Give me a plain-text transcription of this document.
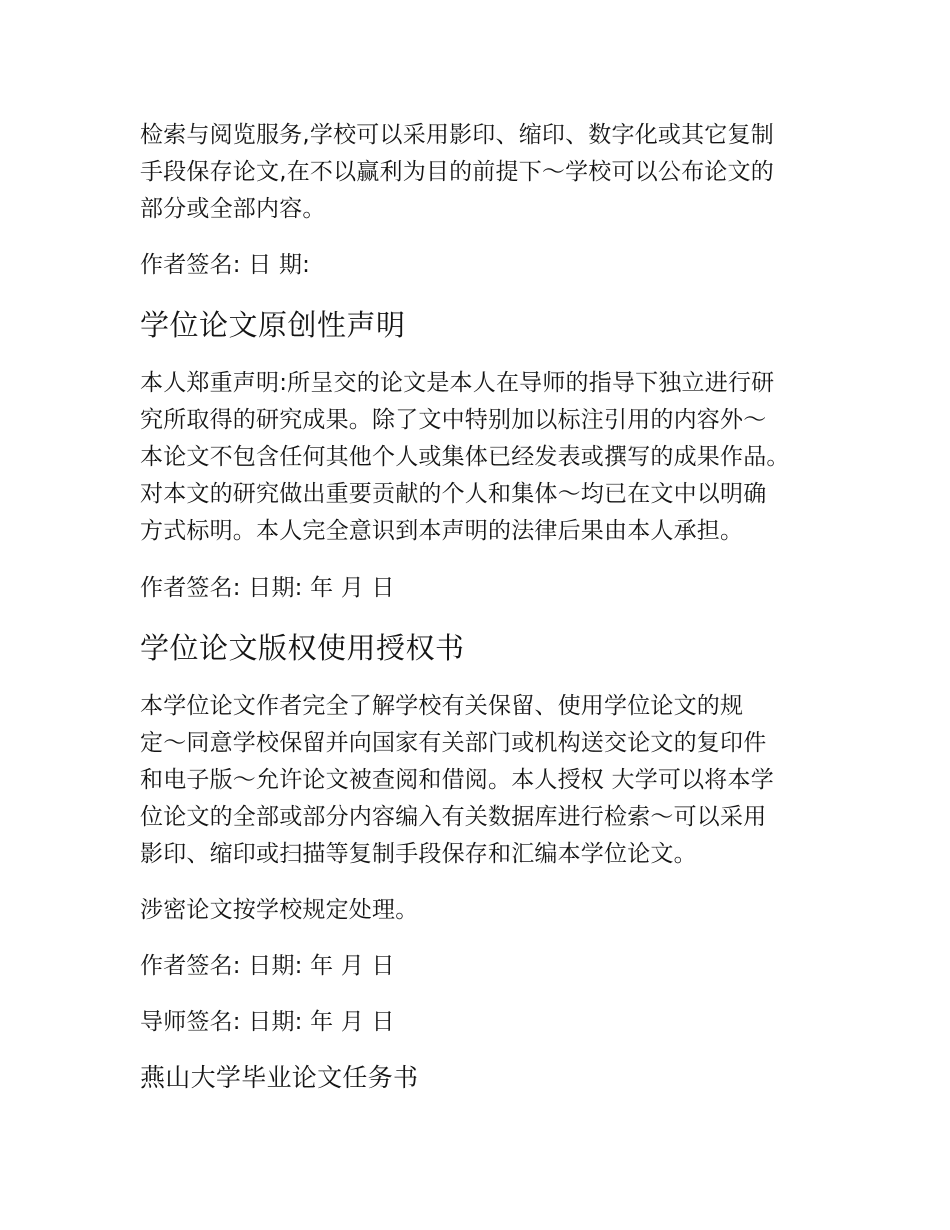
检索与阅览服务,学校可以采用影印、缩印、数字化或其它复制
手段保存论文,在不以赢利为目的前提下～学校可以公布论文的
部分或全部内容。
作者签名: 日 期:
学位论文原创性声明
本人郑重声明:所呈交的论文是本人在导师的指导下独立进行研
究所取得的研究成果。除了文中特别加以标注引用的内容外～
本论文不包含任何其他个人或集体已经发表或撰写的成果作品。
对本文的研究做出重要贡献的个人和集体～均已在文中以明确
方式标明。本人完全意识到本声明的法律后果由本人承担。
作者签名: 日期: 年 月 日
学位论文版权使用授权书
本学位论文作者完全了解学校有关保留、使用学位论文的规
定～同意学校保留并向国家有关部门或机构送交论文的复印件
和电子版～允许论文被查阅和借阅。本人授权 大学可以将本学
位论文的全部或部分内容编入有关数据库进行检索～可以采用
影印、缩印或扫描等复制手段保存和汇编本学位论文。
涉密论文按学校规定处理。
作者签名: 日期: 年 月 日
导师签名: 日期: 年 月 日
燕山大学毕业论文任务书
